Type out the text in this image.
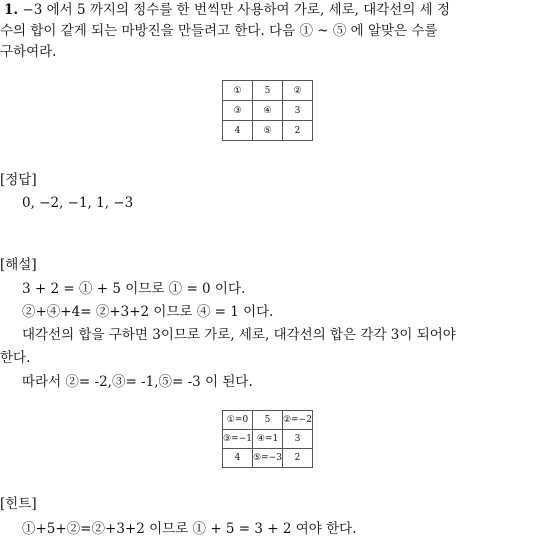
1. −3 에서 5 까지의 정수를 한 번씩만 사용하여 가로, 세로, 대각선의 세 정
수의 합이 같게 되는 마방진을 만들려고 한다. 다음 ① ~ ⑤ 에 알맞은 수를
구하여라.
①	5	②
③	④	3
4	⑤	2
[정답]
0, −2, −1, 1, −3
[해설]
3 + 2 = ① + 5 이므로 ① = 0 이다.
②+④+4= ②+3+2 이므로 ④ = 1 이다.
대각선의 합을 구하면 3이므로 가로, 세로, 대각선의 합은 각각 3이 되어야
한다.
따라서 ②= -2,③= -1,⑤= -3 이 된다.
①=0	5	②=−2
③=−1	④=1	3
4	⑤=−3	2
[힌트]
①+5+②=②+3+2 이므로 ① + 5 = 3 + 2 여야 한다.
